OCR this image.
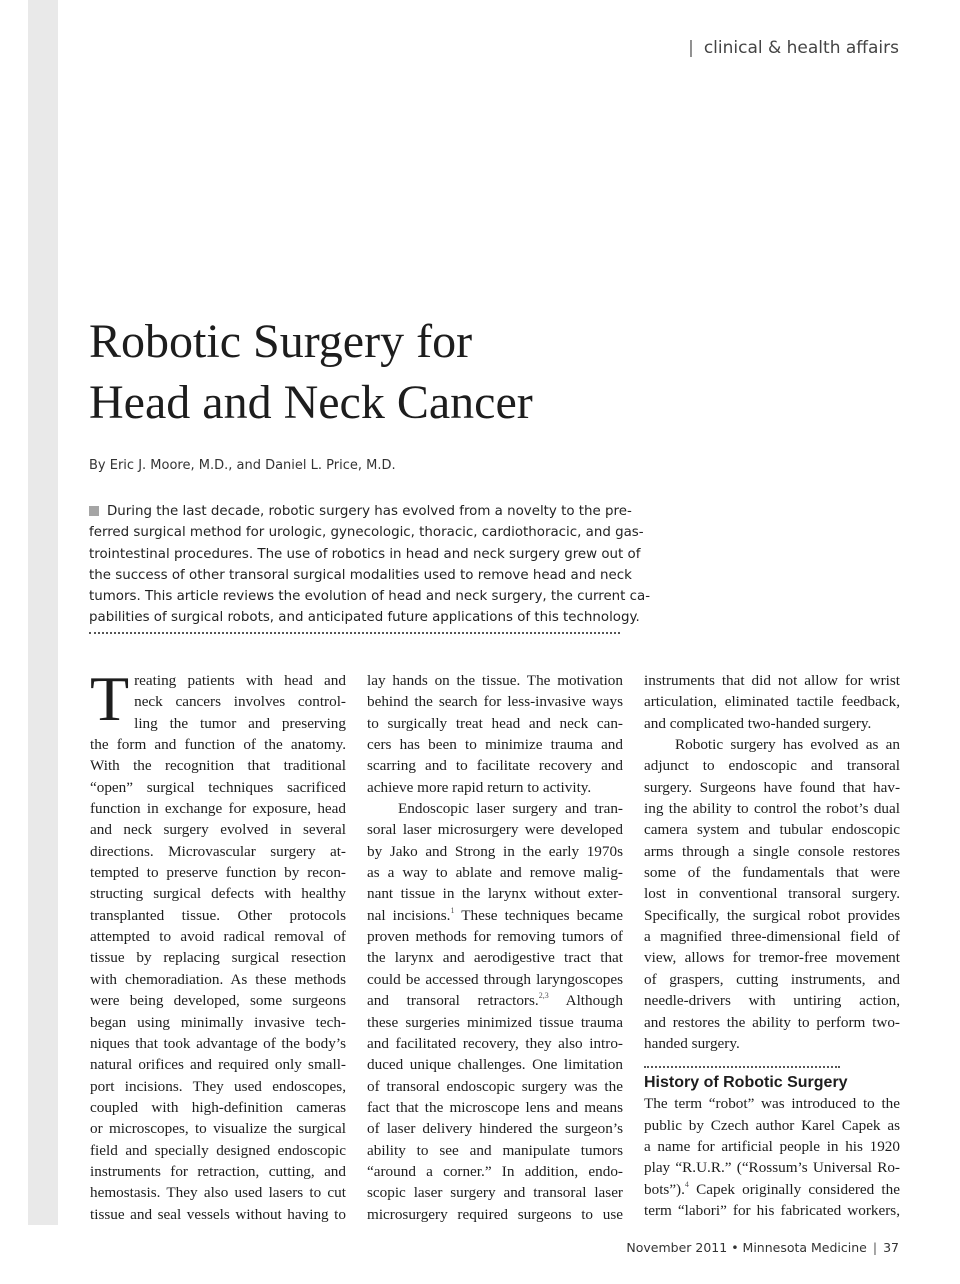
| clinical & health affairs
Robotic Surgery for
Head and Neck Cancer
By Eric J. Moore, M.D., and Daniel L. Price, M.D.
During the last decade, robotic surgery has evolved from a novelty to the pre-
ferred surgical method for urologic, gynecologic, thoracic, cardiothoracic, and gas-
trointestinal procedures. The use of robotics in head and neck surgery grew out of
the success of other transoral surgical modalities used to remove head and neck
tumors. This article reviews the evolution of head and neck surgery, the current ca-
pabilities of surgical robots, and anticipated future applications of this technology.
T reating patients with head and
neck cancers involves control-
ling the tumor and preserving
the form and function of the anatomy.
With the recognition that traditional
“open” surgical techniques sacrificed
function in exchange for exposure, head
and neck surgery evolved in several
directions. Microvascular surgery at-
tempted to preserve function by recon-
structing surgical defects with healthy
transplanted tissue. Other protocols
attempted to avoid radical removal of
tissue by replacing surgical resection
with chemoradiation. As these methods
were being developed, some surgeons
began using minimally invasive tech-
niques that took advantage of the body’s
natural orifices and required only small-
port incisions. They used endoscopes,
coupled with high-definition cameras
or microscopes, to visualize the surgical
field and specially designed endoscopic
instruments for retraction, cutting, and
hemostasis. They also used lasers to cut
tissue and seal vessels without having to
lay hands on the tissue. The motivation
behind the search for less-invasive ways
to surgically treat head and neck can-
cers has been to minimize trauma and
scarring and to facilitate recovery and
achieve more rapid return to activity.
Endoscopic laser surgery and tran-
soral laser microsurgery were developed
by Jako and Strong in the early 1970s
as a way to ablate and remove malig-
nant tissue in the larynx without exter-
nal incisions.$^1$ These techniques became
proven methods for removing tumors of
the larynx and aerodigestive tract that
could be accessed through laryngoscopes
and transoral retractors.$^{2,3}$ Although
these surgeries minimized tissue trauma
and facilitated recovery, they also intro-
duced unique challenges. One limitation
of transoral endoscopic surgery was the
fact that the microscope lens and means
of laser delivery hindered the surgeon’s
ability to see and manipulate tumors
“around a corner.” In addition, endo-
scopic laser surgery and transoral laser
microsurgery required surgeons to use
instruments that did not allow for wrist
articulation, eliminated tactile feedback,
and complicated two-handed surgery.
Robotic surgery has evolved as an
adjunct to endoscopic and transoral
surgery. Surgeons have found that hav-
ing the ability to control the robot’s dual
camera system and tubular endoscopic
arms through a single console restores
some of the fundamentals that were
lost in conventional transoral surgery.
Specifically, the surgical robot provides
a magnified three-dimensional field of
view, allows for tremor-free movement
of graspers, cutting instruments, and
needle-drivers with untiring action,
and restores the ability to perform two-
handed surgery.
History of Robotic Surgery
The term “robot” was introduced to the
public by Czech author Karel Capek as
a name for artificial people in his 1920
play “R.U.R.” (“Rossum’s Universal Ro-
bots”).$^4$ Capek originally considered the
term “labori” for his fabricated workers,
November 2011 • Minnesota Medicine | 37
